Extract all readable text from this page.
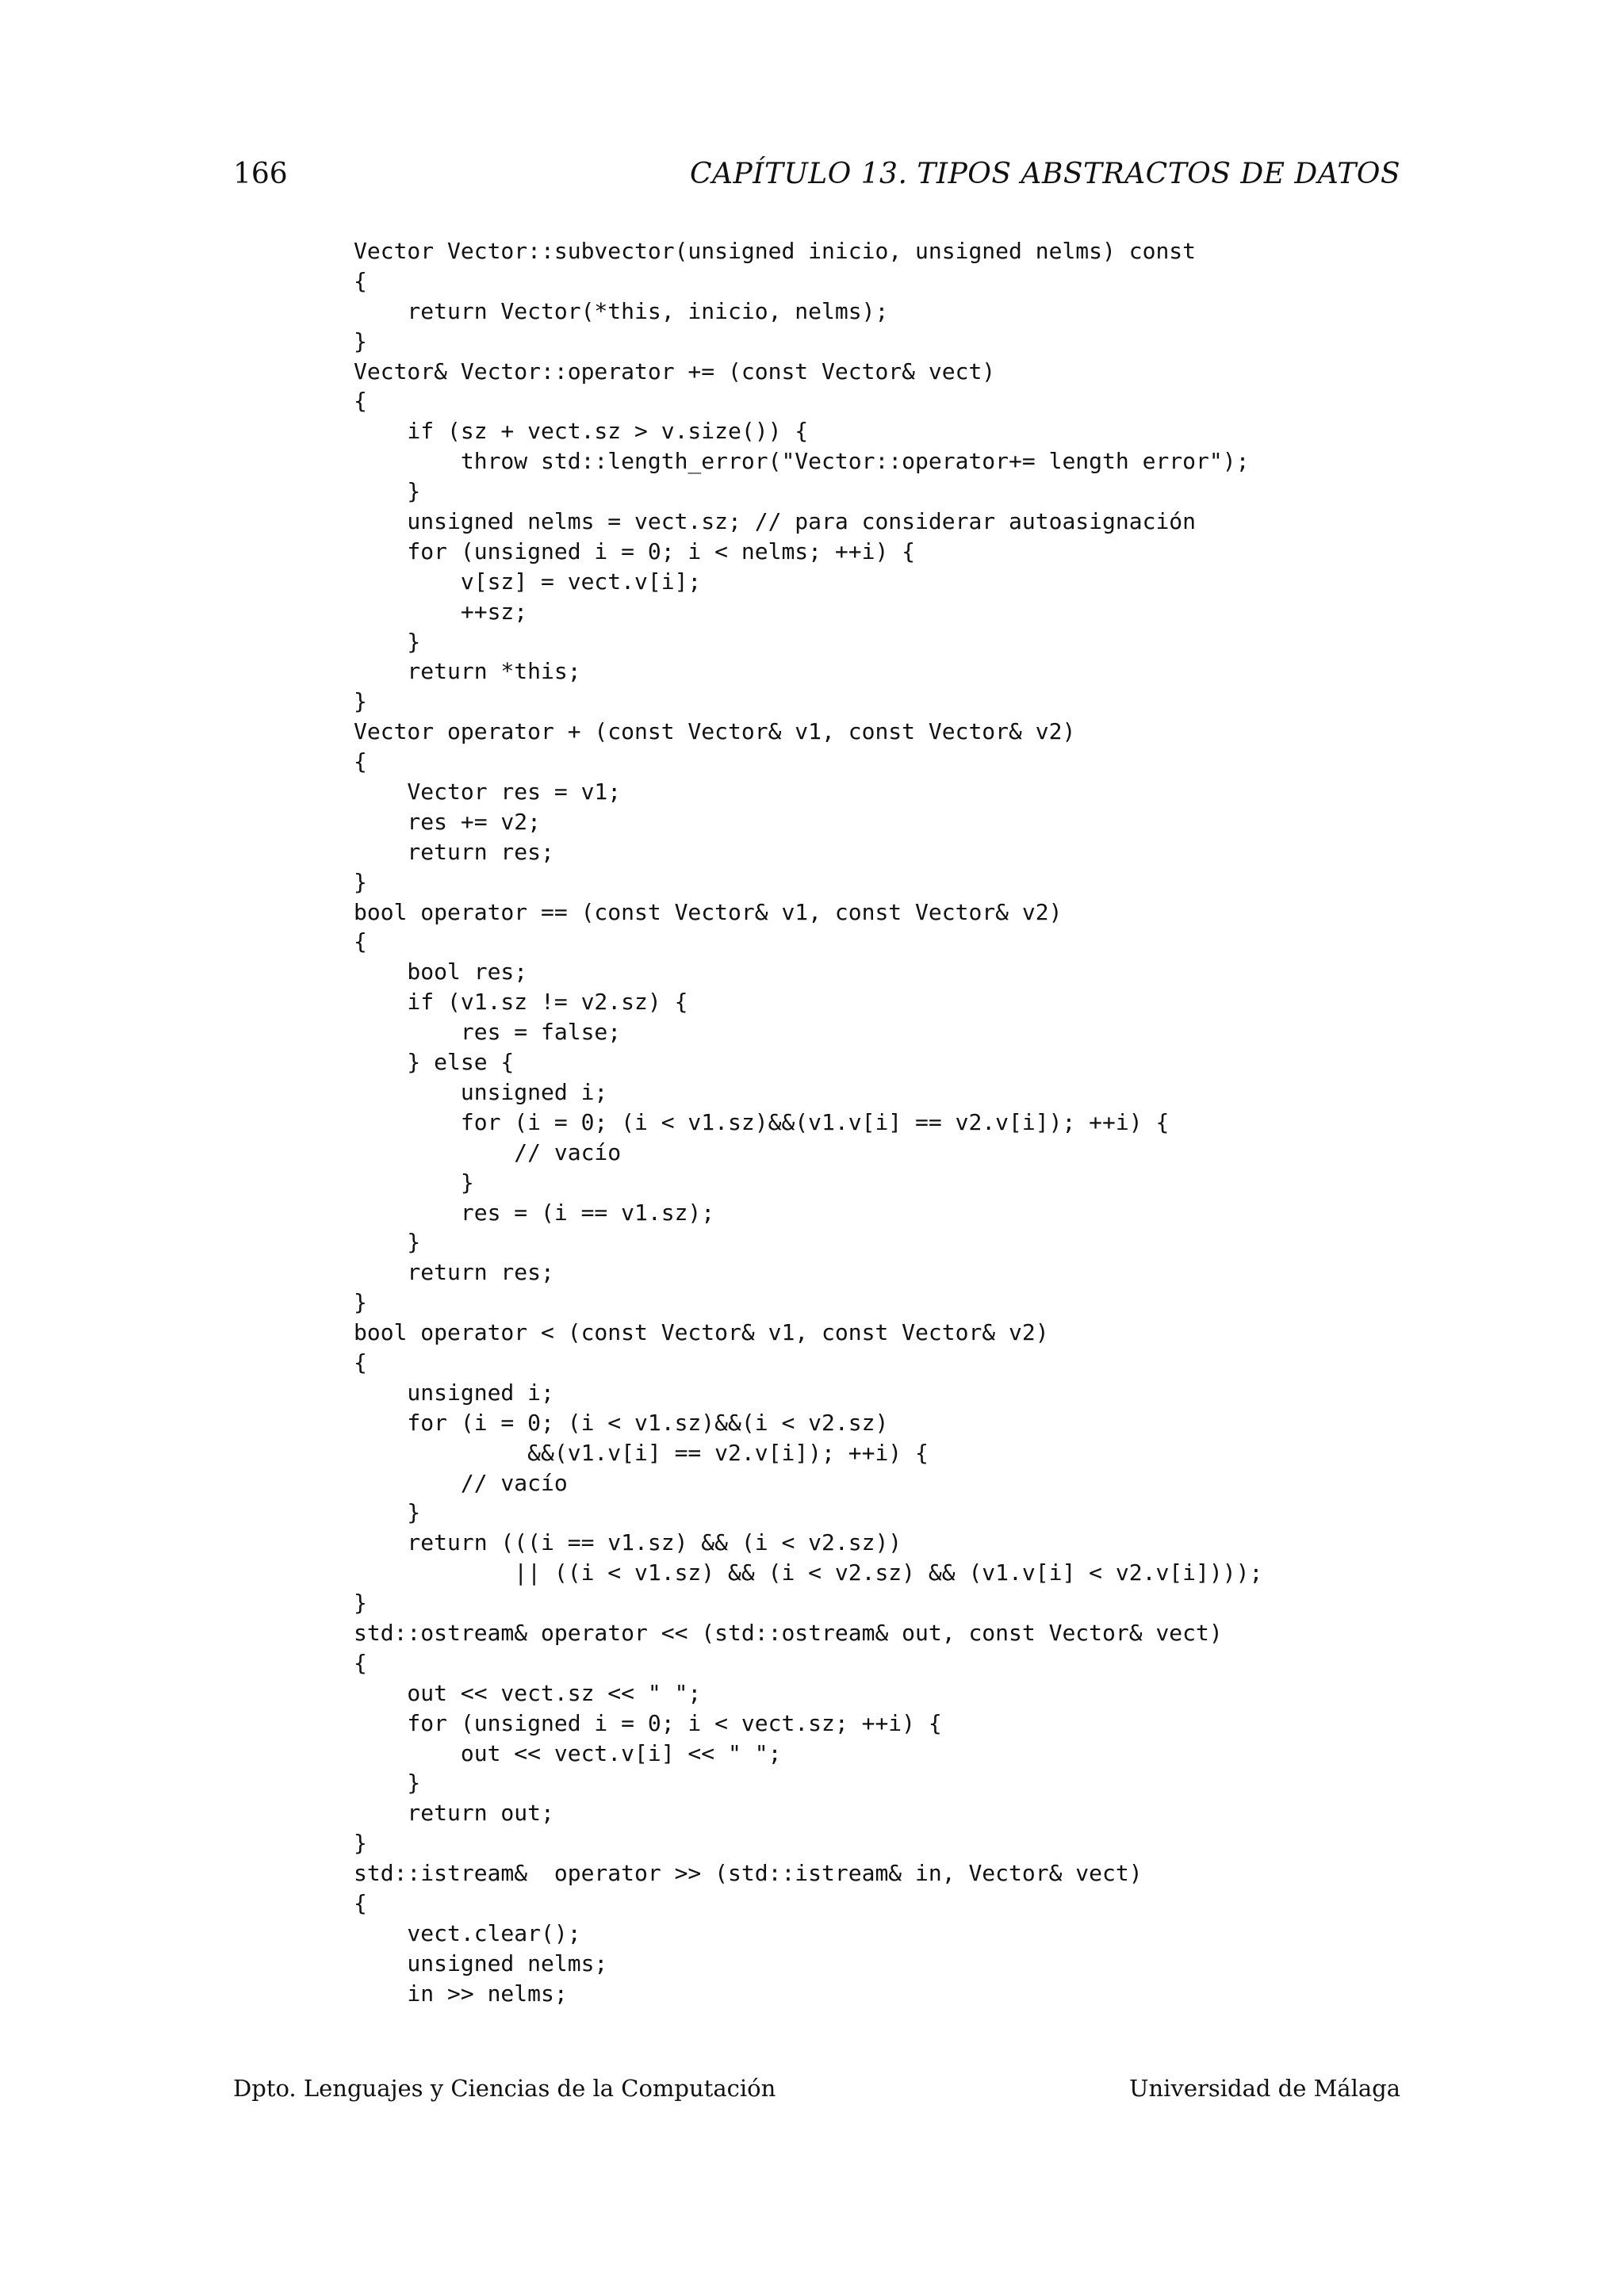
166	CAPÍTULO 13. TIPOS ABSTRACTOS DE DATOS
Vector Vector::subvector(unsigned inicio, unsigned nelms) const
{
return Vector(*this, inicio, nelms);
}
Vector& Vector::operator += (const Vector& vect)
{
if (sz + vect.sz > v.size()) {
throw std::length_error("Vector::operator+= length error");
}
unsigned nelms = vect.sz; // para considerar autoasignación
for (unsigned i = 0; i < nelms; ++i) {
v[sz] = vect.v[i];
++sz;
}
return *this;
}
Vector operator + (const Vector& v1, const Vector& v2)
{
Vector res = v1;
res += v2;
return res;
}
bool operator == (const Vector& v1, const Vector& v2)
{
bool res;
if (v1.sz != v2.sz) {
res = false;
} else {
unsigned i;
for (i = 0; (i < v1.sz)&&(v1.v[i] == v2.v[i]); ++i) {
// vacío
}
res = (i == v1.sz);
}
return res;
}
bool operator < (const Vector& v1, const Vector& v2)
{
unsigned i;
for (i = 0; (i < v1.sz)&&(i < v2.sz)
&&(v1.v[i] == v2.v[i]); ++i) {
// vacío
}
return (((i == v1.sz) && (i < v2.sz))
|| ((i < v1.sz) && (i < v2.sz) && (v1.v[i] < v2.v[i])));
}
std::ostream& operator << (std::ostream& out, const Vector& vect)
{
out << vect.sz << " ";
for (unsigned i = 0; i < vect.sz; ++i) {
out << vect.v[i] << " ";
}
return out;
}
std::istream&  operator >> (std::istream& in, Vector& vect)
{
vect.clear();
unsigned nelms;
in >> nelms;
Dpto. Lenguajes y Ciencias de la Computación	Universidad de Málaga
